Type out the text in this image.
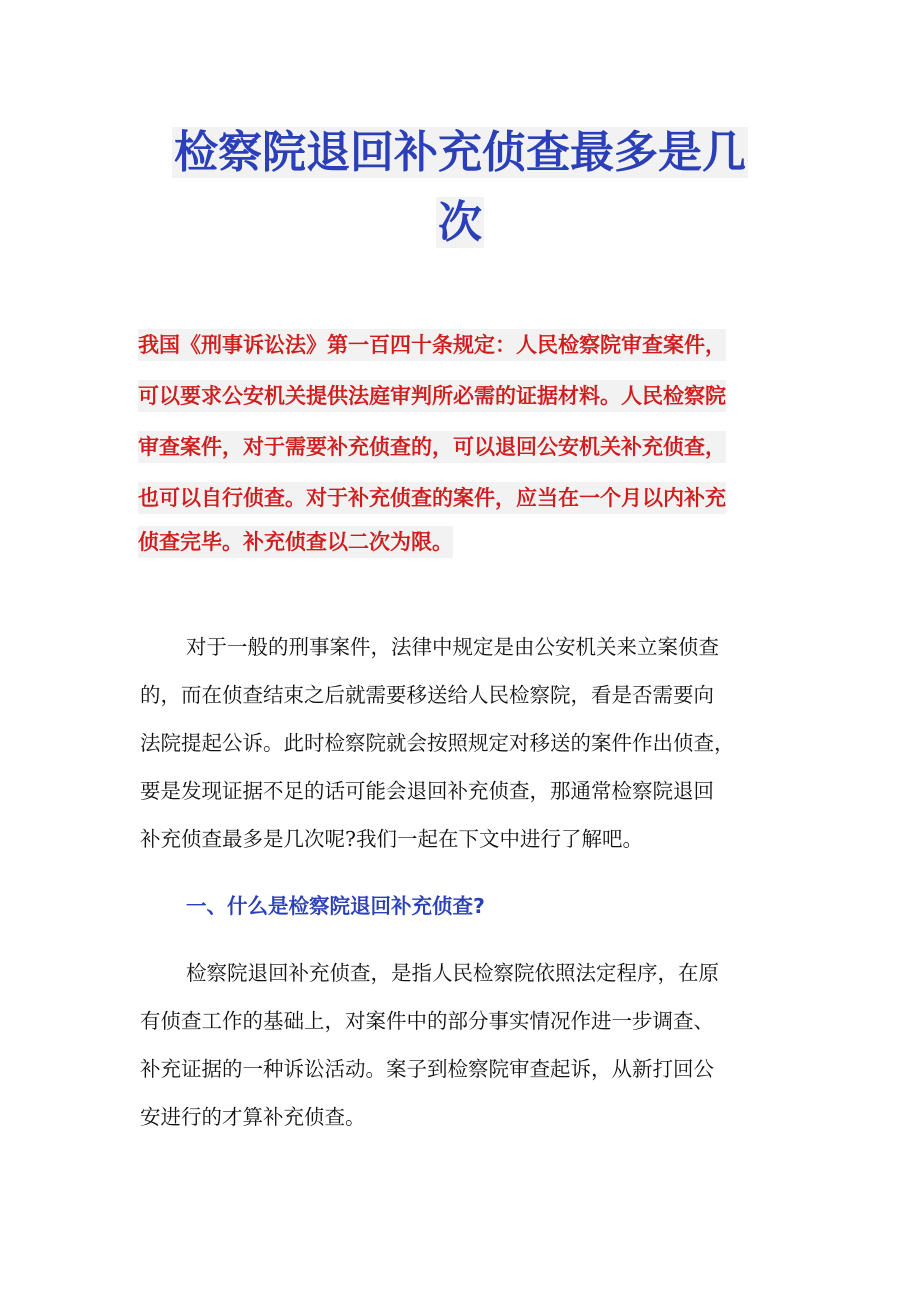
检察院退回补充侦查最多是几
次
我国《刑事诉讼法》第一百四十条规定：人民检察院审查案件，
可以要求公安机关提供法庭审判所必需的证据材料。人民检察院
审查案件，对于需要补充侦查的，可以退回公安机关补充侦查，
也可以自行侦查。对于补充侦查的案件，应当在一个月以内补充
侦查完毕。补充侦查以二次为限。
对于一般的刑事案件，法律中规定是由公安机关来立案侦查
的，而在侦查结束之后就需要移送给人民检察院，看是否需要向
法院提起公诉。此时检察院就会按照规定对移送的案件作出侦查，
要是发现证据不足的话可能会退回补充侦查，那通常检察院退回
补充侦查最多是几次呢?我们一起在下文中进行了解吧。
一、什么是检察院退回补充侦查?
检察院退回补充侦查，是指人民检察院依照法定程序，在原
有侦查工作的基础上，对案件中的部分事实情况作进一步调查、
补充证据的一种诉讼活动。案子到检察院审查起诉，从新打回公
安进行的才算补充侦查。
